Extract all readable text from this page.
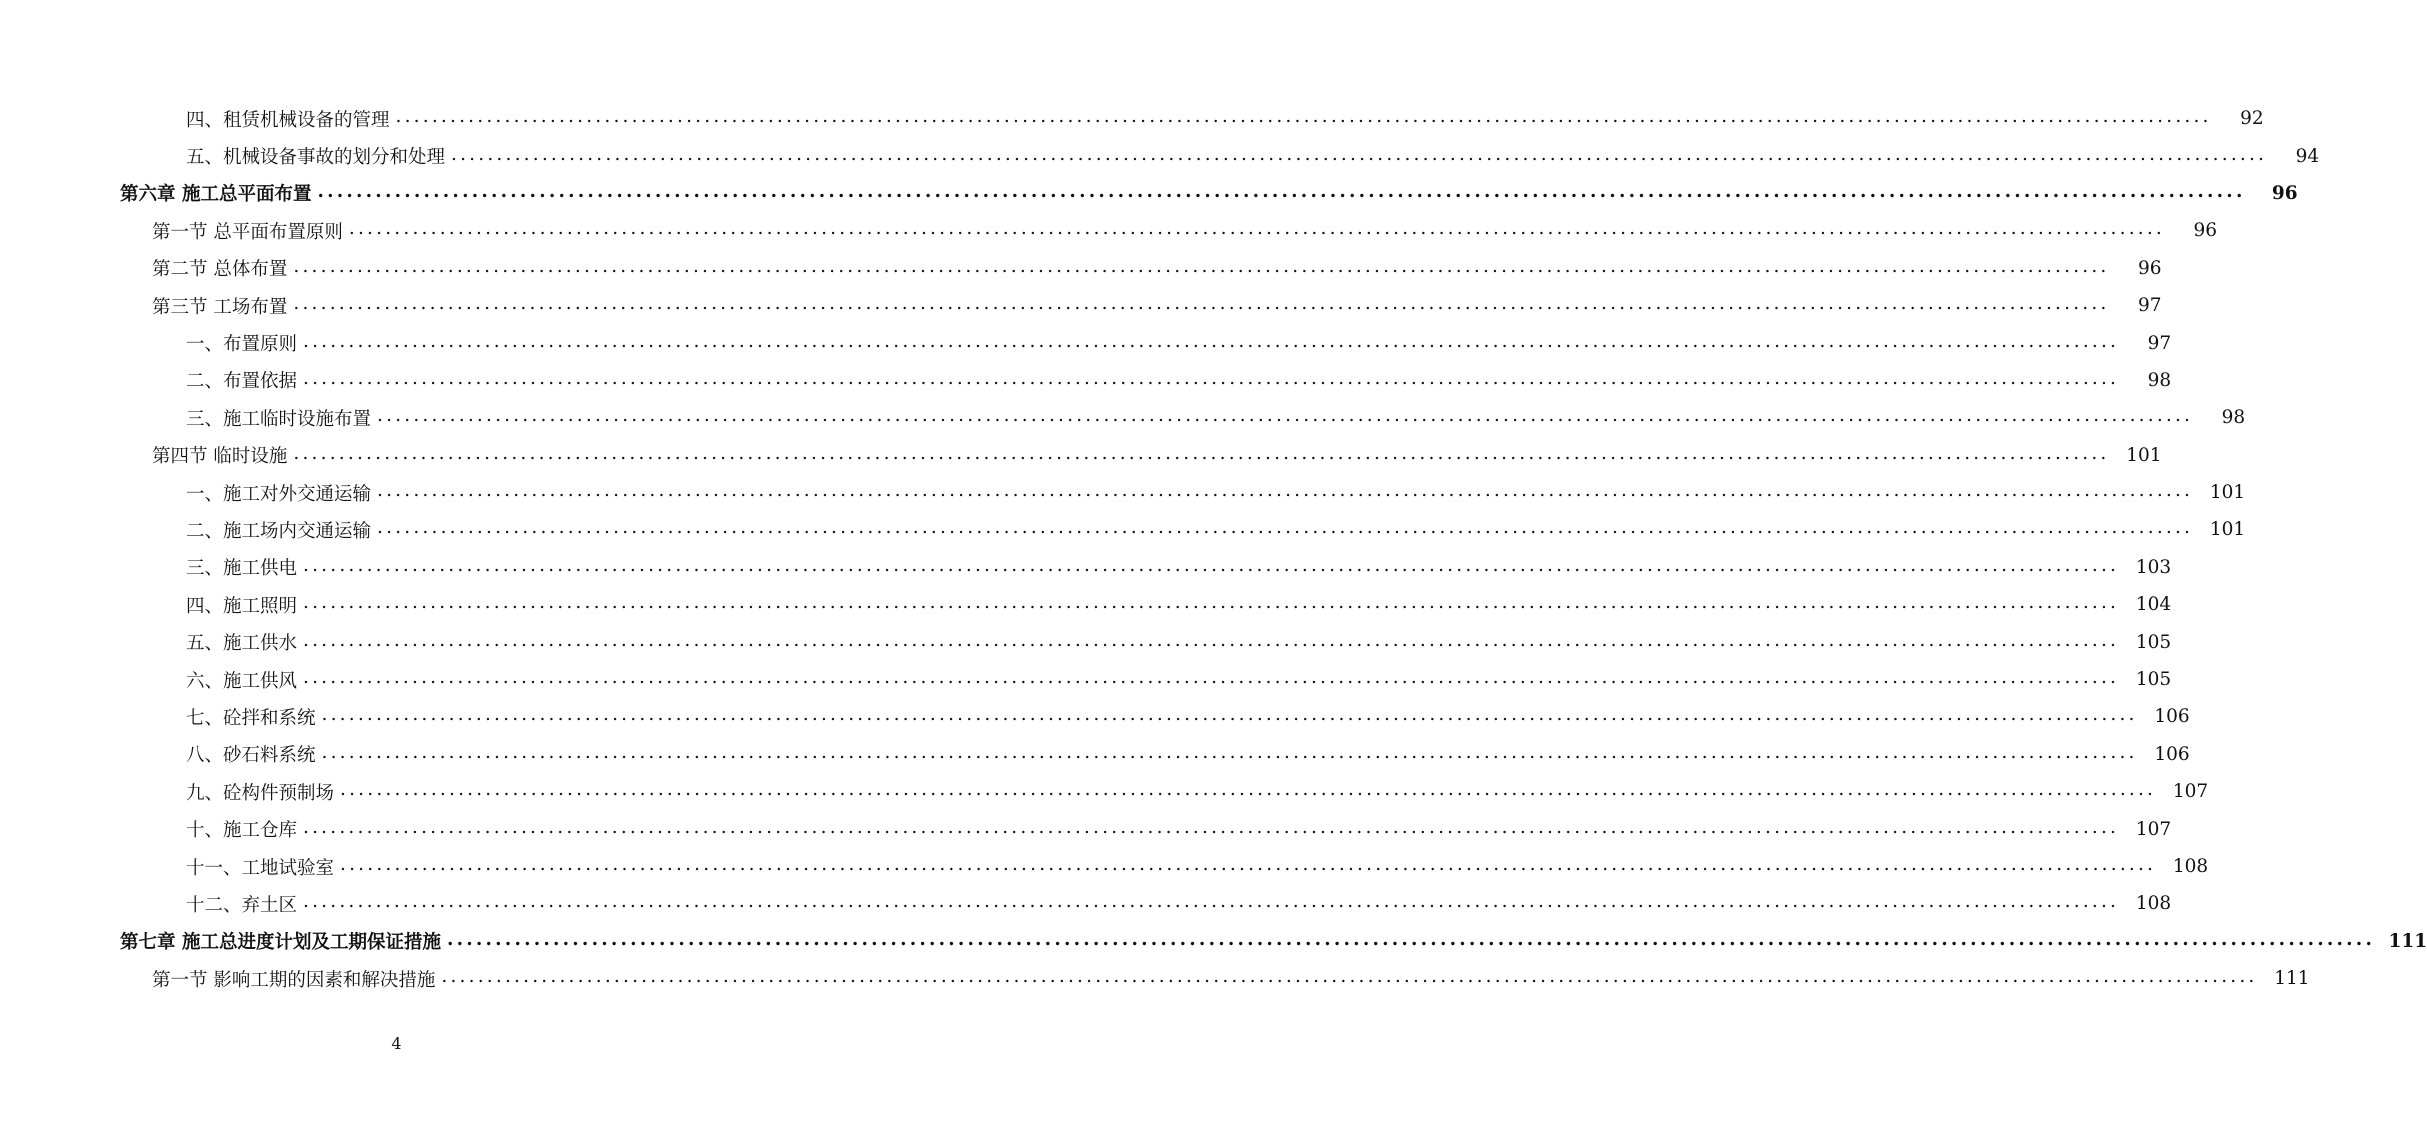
四、租赁机械设备的管理 ........................................................................................................................................................................................................	92
五、机械设备事故的划分和处理 ........................................................................................................................................................................................................	94
第六章 施工总平面布置 ........................................................................................................................................................................................................	96
第一节 总平面布置原则 ........................................................................................................................................................................................................	96
第二节 总体布置 ........................................................................................................................................................................................................	96
第三节 工场布置 ........................................................................................................................................................................................................	97
一、布置原则 ........................................................................................................................................................................................................	97
二、布置依据 ........................................................................................................................................................................................................	98
三、施工临时设施布置 ........................................................................................................................................................................................................	98
第四节 临时设施 ........................................................................................................................................................................................................ 101
一、施工对外交通运输 ........................................................................................................................................................................................................ 101
二、施工场内交通运输 ........................................................................................................................................................................................................ 101
三、施工供电 ........................................................................................................................................................................................................ 103
四、施工照明 ........................................................................................................................................................................................................ 104
五、施工供水 ........................................................................................................................................................................................................ 105
六、施工供风 ........................................................................................................................................................................................................ 105
七、砼拌和系统 ........................................................................................................................................................................................................ 106
八、砂石料系统 ........................................................................................................................................................................................................ 106
九、砼构件预制场 ........................................................................................................................................................................................................ 107
十、施工仓库 ........................................................................................................................................................................................................ 107
十一、工地试验室 ........................................................................................................................................................................................................ 108
十二、弃土区 ........................................................................................................................................................................................................ 108
第七章 施工总进度计划及工期保证措施 ........................................................................................................................................................................................................ 111
第一节 影响工期的因素和解决措施 ........................................................................................................................................................................................................ 111
4
